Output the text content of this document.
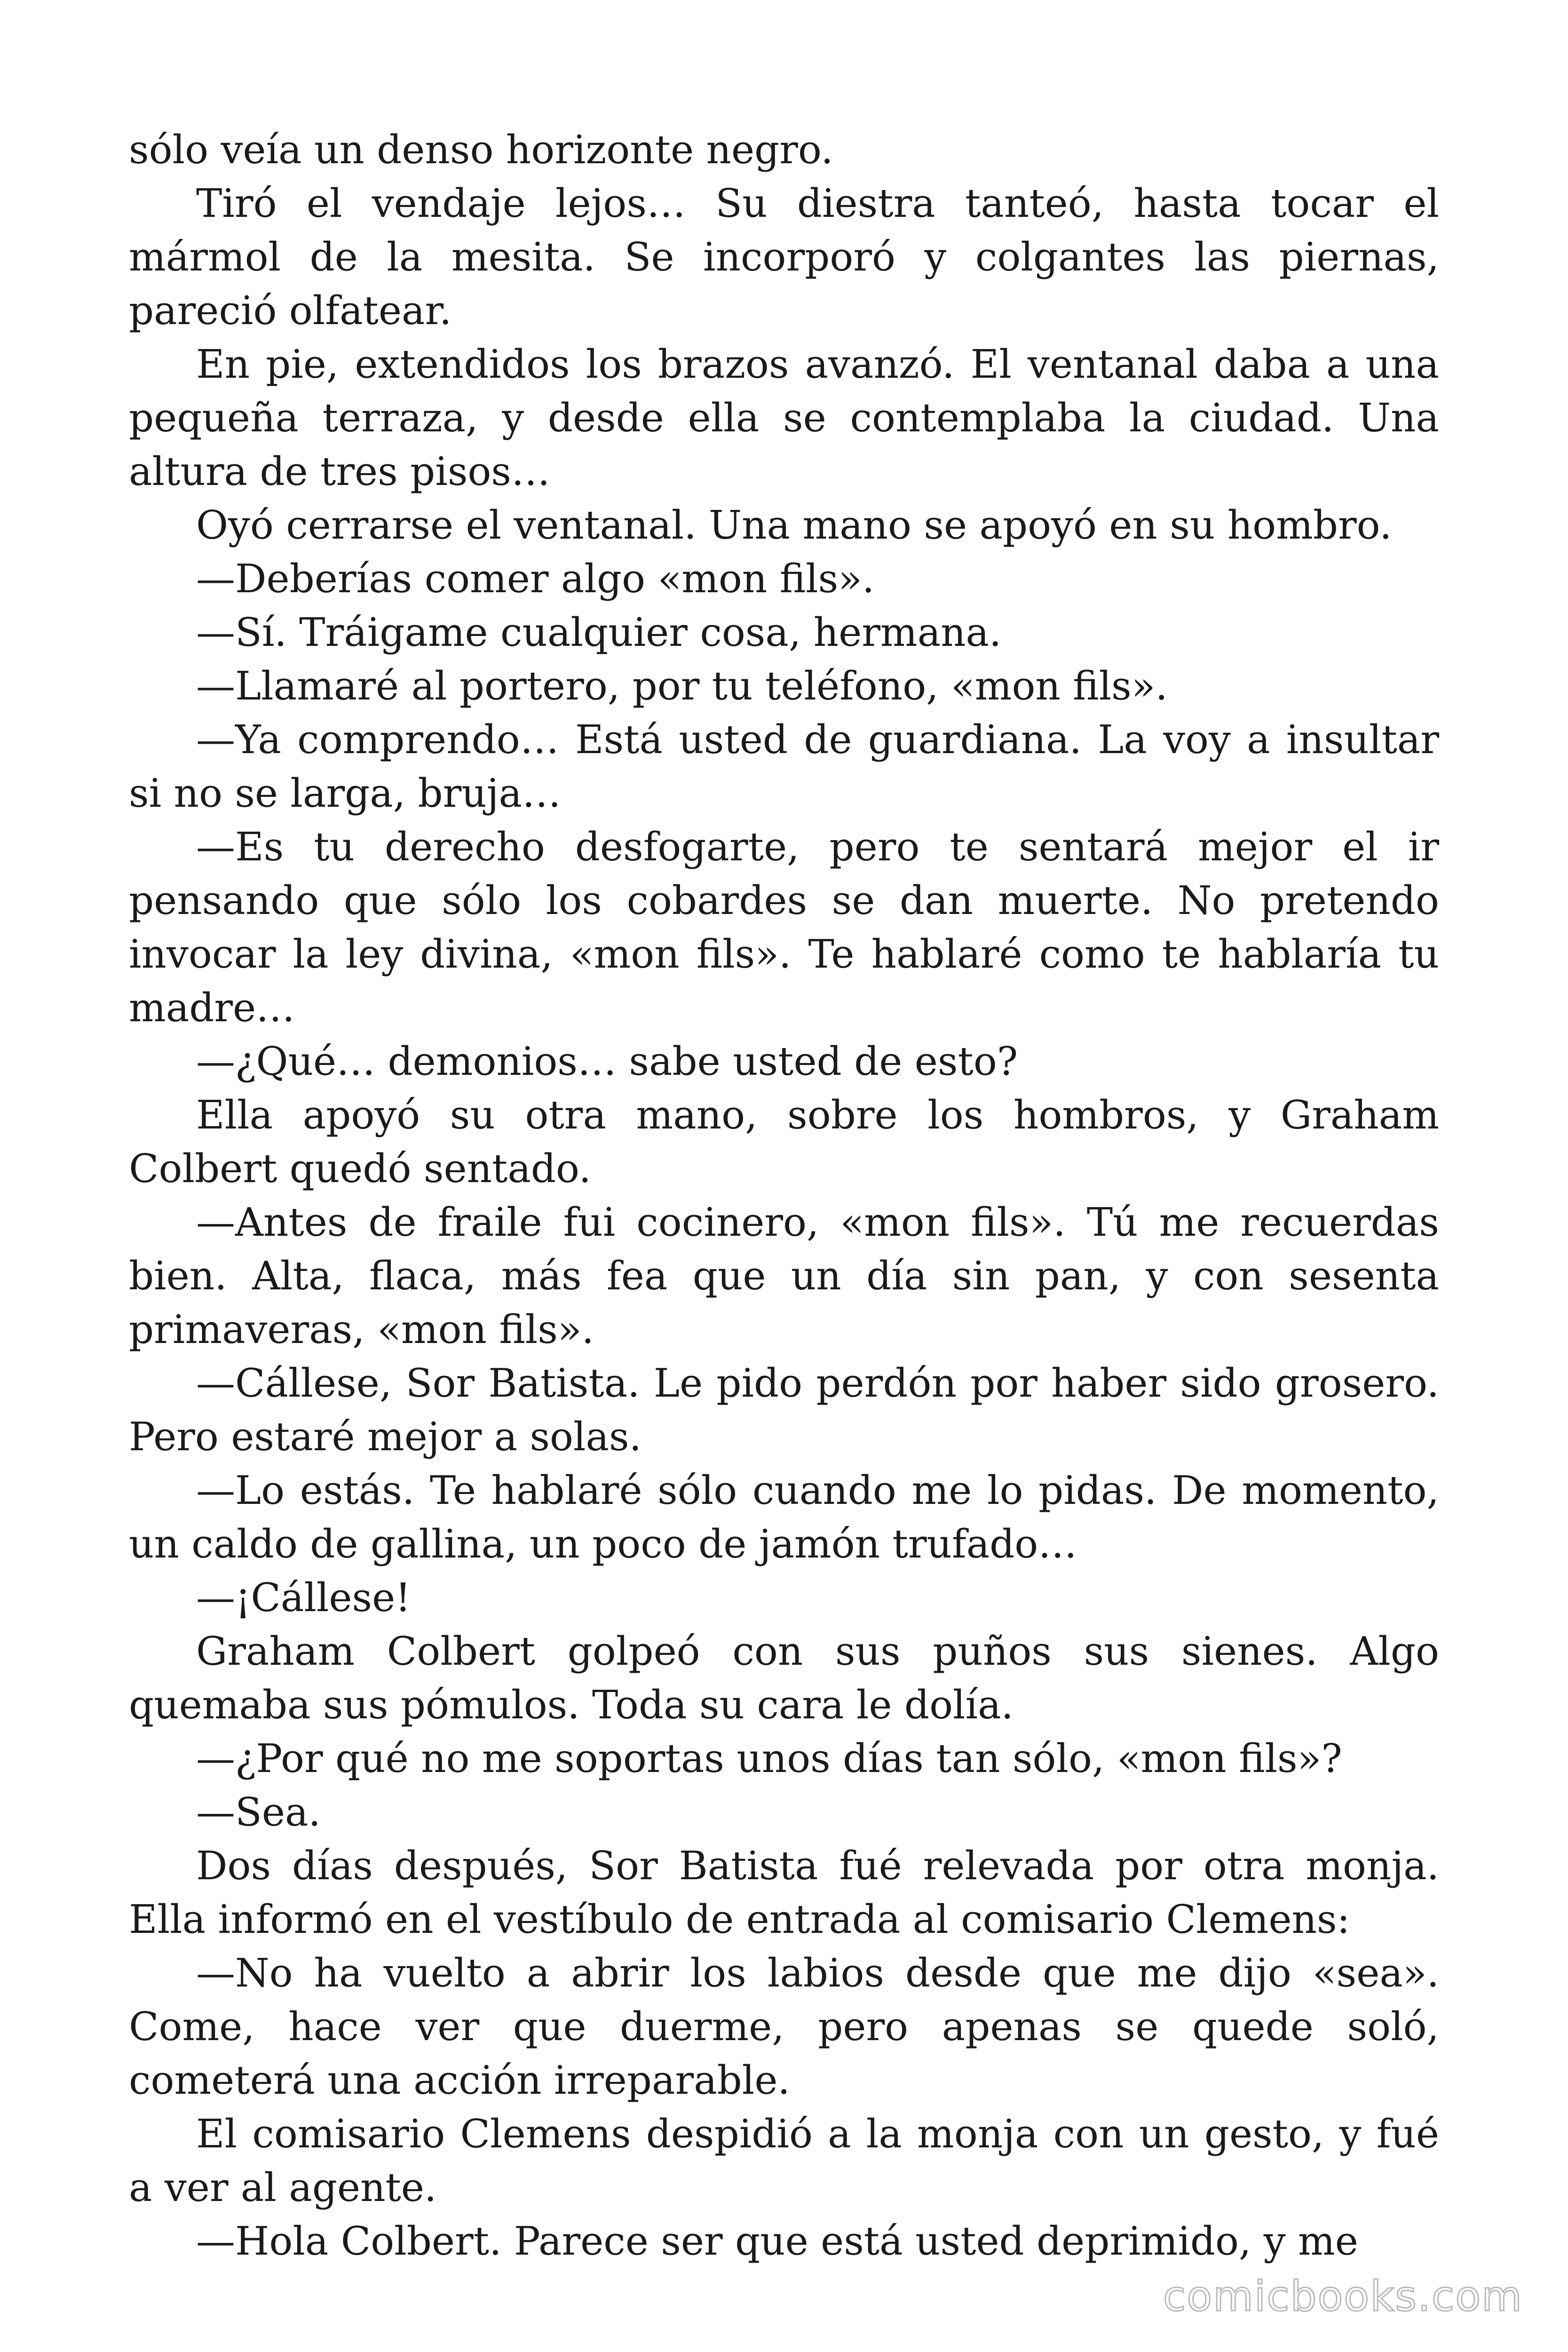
sólo veía un denso horizonte negro.

Tiró el vendaje lejos… Su diestra tanteó, hasta tocar el mármol de la mesita. Se incorporó y colgantes las piernas, pareció olfatear.

En pie, extendidos los brazos avanzó. El ventanal daba a una pequeña terraza, y desde ella se contemplaba la ciudad. Una altura de tres pisos…

Oyó cerrarse el ventanal. Una mano se apoyó en su hombro.

—Deberías comer algo «mon fils».

—Sí. Tráigame cualquier cosa, hermana.

—Llamaré al portero, por tu teléfono, «mon fils».

—Ya comprendo… Está usted de guardiana. La voy a insultar si no se larga, bruja…

—Es tu derecho desfogarte, pero te sentará mejor el ir pensando que sólo los cobardes se dan muerte. No pretendo invocar la ley divina, «mon fils». Te hablaré como te hablaría tu madre…

—¿Qué… demonios… sabe usted de esto?

Ella apoyó su otra mano, sobre los hombros, y Graham Colbert quedó sentado.

—Antes de fraile fui cocinero, «mon fils». Tú me recuerdas bien. Alta, flaca, más fea que un día sin pan, y con sesenta primaveras, «mon fils».

—Cállese, Sor Batista. Le pido perdón por haber sido grosero. Pero estaré mejor a solas.

—Lo estás. Te hablaré sólo cuando me lo pidas. De momento, un caldo de gallina, un poco de jamón trufado…

—¡Cállese!

Graham Colbert golpeó con sus puños sus sienes. Algo quemaba sus pómulos. Toda su cara le dolía.

—¿Por qué no me soportas unos días tan sólo, «mon fils»?

—Sea.

Dos días después, Sor Batista fué relevada por otra monja. Ella informó en el vestíbulo de entrada al comisario Clemens:

—No ha vuelto a abrir los labios desde que me dijo «sea». Come, hace ver que duerme, pero apenas se quede soló, cometerá una acción irreparable.

El comisario Clemens despidió a la monja con un gesto, y fué a ver al agente.

—Hola Colbert. Parece ser que está usted deprimido, y me

comicbooks.com
